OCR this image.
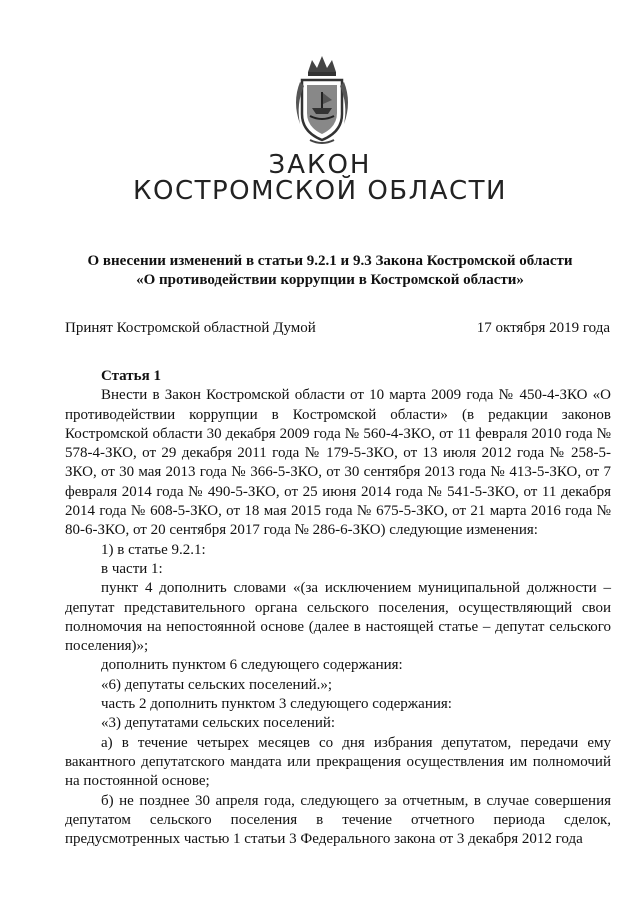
ЗАКОН
КОСТРОМСКОЙ ОБЛАСТИ
О внесении изменений в статьи 9.2.1 и 9.3 Закона Костромской области
«О противодействии коррупции в Костромской области»
Принят Костромской областной Думой	17 октября 2019 года

Статья 1

Внести в Закон Костромской области от 10 марта 2009 года № 450-4-ЗКО «О противодействии коррупции в Костромской области» (в редакции законов Костромской области 30 декабря 2009 года № 560-4-ЗКО, от 11 февраля 2010 года № 578-4-ЗКО, от 29 декабря 2011 года № 179-5-ЗКО, от 13 июля 2012 года № 258-5-ЗКО, от 30 мая 2013 года № 366-5-ЗКО, от 30 сентября 2013 года № 413-5-ЗКО, от 7 февраля 2014 года № 490-5-ЗКО, от 25 июня 2014 года № 541-5-ЗКО, от 11 декабря 2014 года № 608-5-ЗКО, от 18 мая 2015 года № 675-5-ЗКО, от 21 марта 2016 года № 80-6-ЗКО, от 20 сентября 2017 года № 286-6-ЗКО) следующие изменения:

1) в статье 9.2.1:

в части 1:

пункт 4 дополнить словами «(за исключением муниципальной должности – депутат представительного органа сельского поселения, осуществляющий свои полномочия на непостоянной основе (далее в настоящей статье – депутат сельского поселения)»;

дополнить пунктом 6 следующего содержания:

«6) депутаты сельских поселений.»;

часть 2 дополнить пунктом 3 следующего содержания:

«3) депутатами сельских поселений:

а) в течение четырех месяцев со дня избрания депутатом, передачи ему вакантного депутатского мандата или прекращения осуществления им полномочий на постоянной основе;

б) не позднее 30 апреля года, следующего за отчетным, в случае совершения депутатом сельского поселения в течение отчетного периода сделок, предусмотренных частью 1 статьи 3 Федерального закона от 3 декабря 2012 года
